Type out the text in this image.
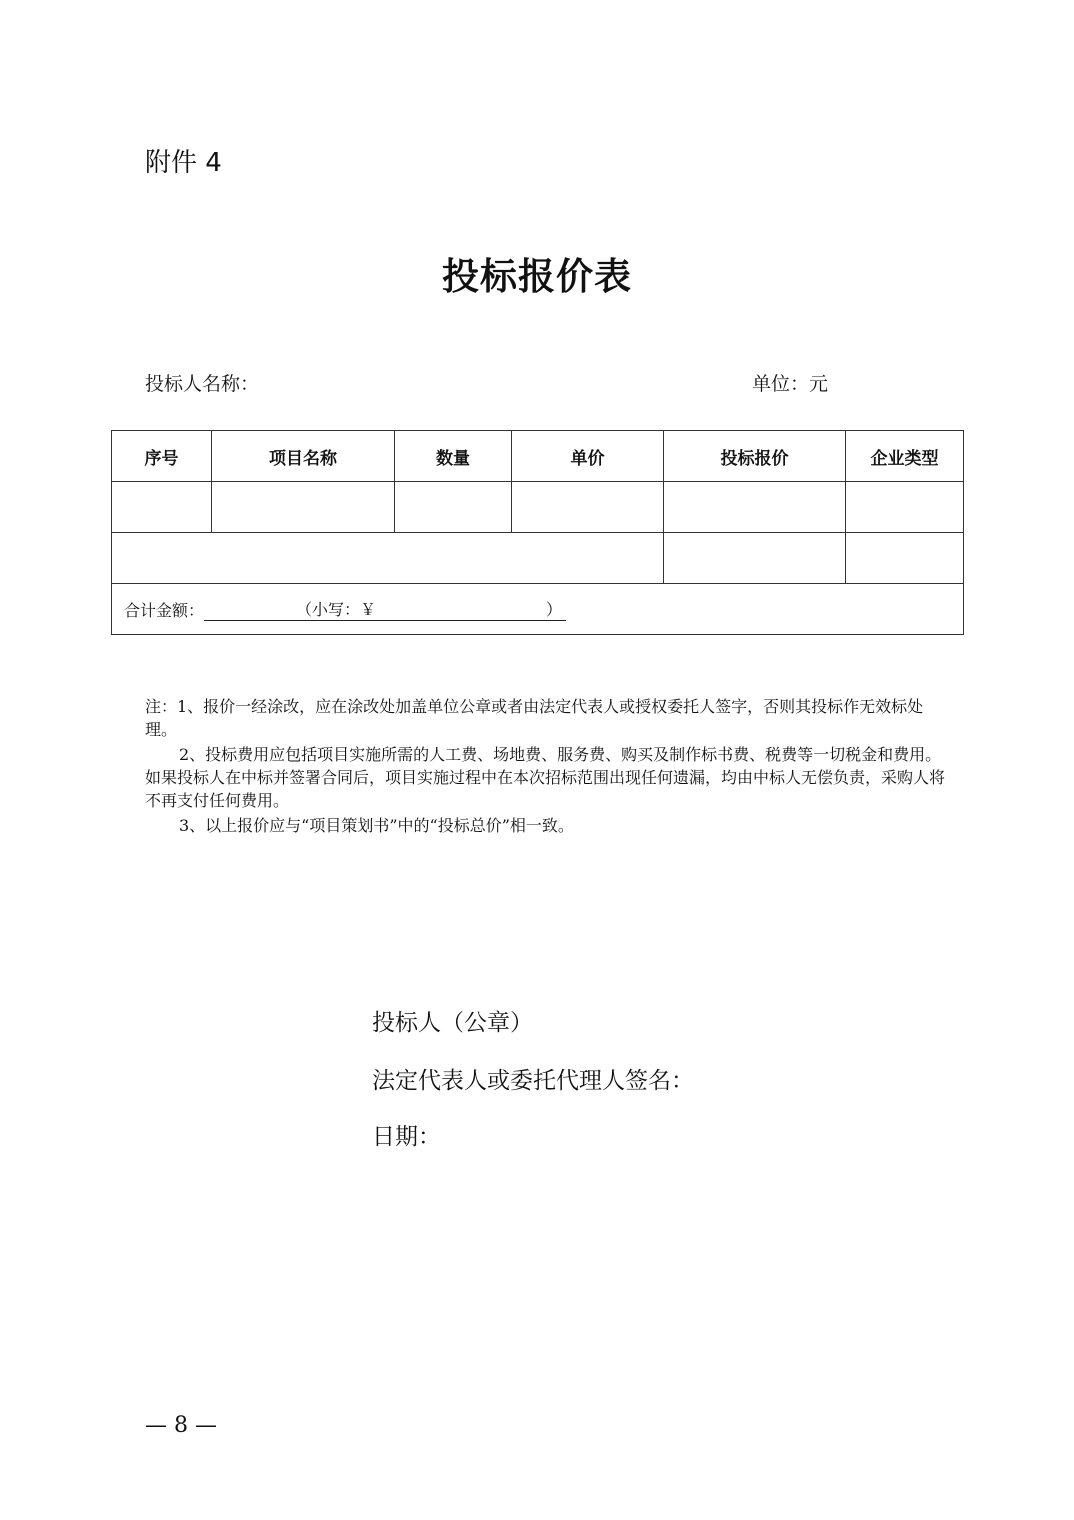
附件 4
投标报价表
投标人名称：	单位：元
序号	项目名称	数量	单价	投标报价	企业类型

合计金额： （小写：￥ ）					

注：1、报价一经涂改，应在涂改处加盖单位公章或者由法定代表人或授权委托人签字，否则其投标作无效标处理。

2、投标费用应包括项目实施所需的人工费、场地费、服务费、购买及制作标书费、税费等一切税金和费用。如果投标人在中标并签署合同后，项目实施过程中在本次招标范围出现任何遗漏，均由中标人无偿负责，采购人将不再支付任何费用。

3、以上报价应与“项目策划书”中的“投标总价”相一致。

投标人（公章）
法定代表人或委托代理人签名：
日期：
— 8 —
